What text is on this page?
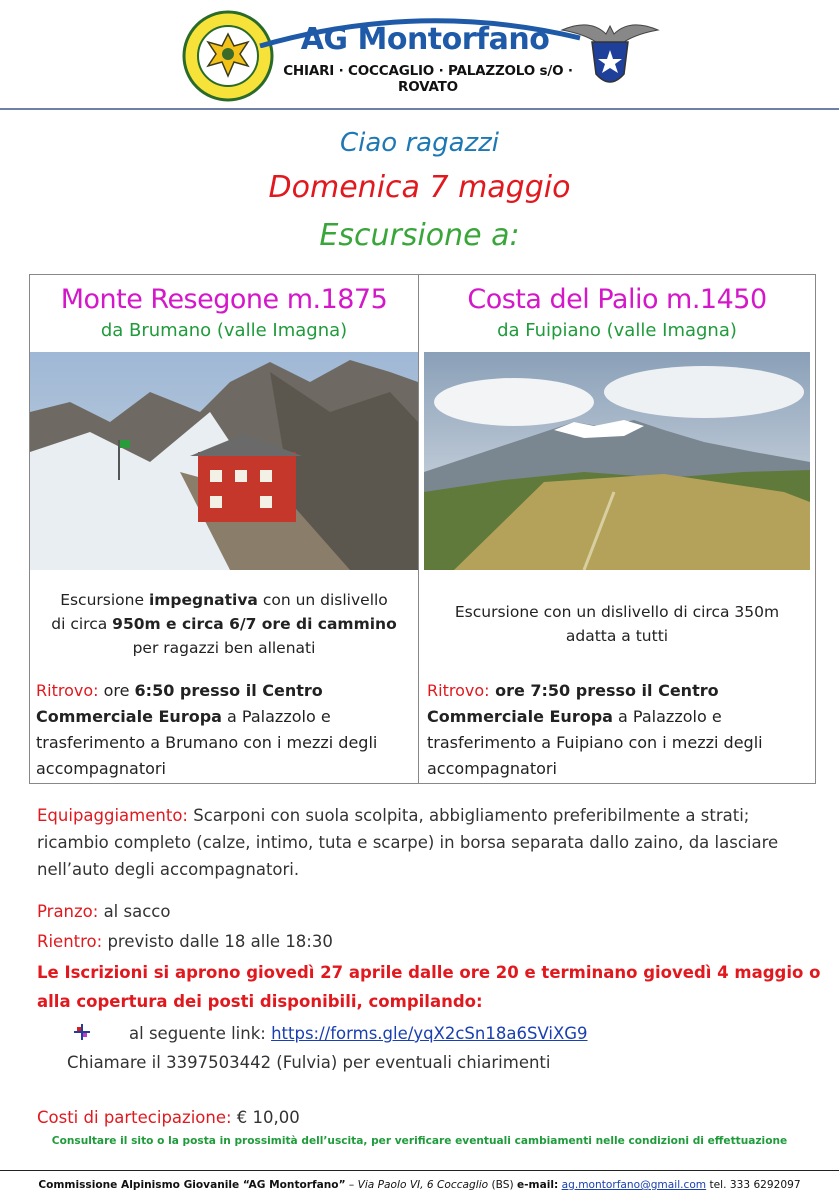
AG Montorfano
CHIARI · COCCAGLIO · PALAZZOLO s/O · ROVATO
Ciao ragazzi
Domenica 7 maggio
Escursione a:
Monte Resegone m.1875
da Brumano (valle Imagna)
Escursione impegnativa con un dislivello
di circa 950m e circa 6/7 ore di cammino
per ragazzi ben allenati
Ritrovo: ore 6:50 presso il Centro Commerciale Europa a Palazzolo e trasferimento a Brumano con i mezzi degli accompagnatori
Costa del Palio m.1450
da Fuipiano (valle Imagna)
Escursione con un dislivello di circa 350m
adatta a tutti
Ritrovo: ore 7:50 presso il Centro Commerciale Europa a Palazzolo e trasferimento a Fuipiano con i mezzi degli accompagnatori
Equipaggiamento: Scarponi con suola scolpita, abbigliamento preferibilmente a strati; ricambio completo (calze, intimo, tuta e scarpe) in borsa separata dallo zaino, da lasciare nell’auto degli accompagnatori.
Pranzo: al sacco
Rientro: previsto dalle 18 alle 18:30
Le Iscrizioni si aprono giovedì 27 aprile dalle ore 20 e terminano giovedì 4 maggio o alla copertura dei posti disponibili, compilando:
al seguente link: https://forms.gle/yqX2cSn18a6SViXG9
Chiamare il 3397503442 (Fulvia) per eventuali chiarimenti
Costi di partecipazione: € 10,00
Consultare il sito o la posta in prossimità dell’uscita, per verificare eventuali cambiamenti nelle condizioni di effettuazione
Commissione Alpinismo Giovanile “AG Montorfano” – Via Paolo VI, 6 Coccaglio (BS) e-mail: ag.montorfano@gmail.com tel. 333 6292097
